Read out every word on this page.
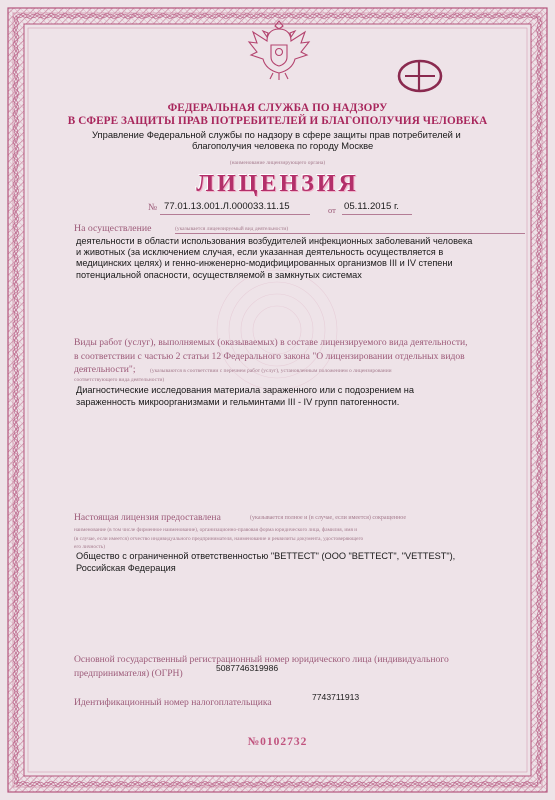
ФЕДЕРАЛЬНАЯ СЛУЖБА ПО НАДЗОРУ
В СФЕРЕ ЗАЩИТЫ ПРАВ ПОТРЕБИТЕЛЕЙ И БЛАГОПОЛУЧИЯ ЧЕЛОВЕКА
Управление Федеральной службы по надзору в сфере защиты прав потребителей и
благополучия человека по городу Москве
(наименование лицензирующего органа)
ЛИЦЕНЗИЯ
№ 77.01.13.001.Л.000033.11.15	от 05.11.2015 г.
На осуществление	(указывается лицензируемый вид деятельности)
деятельности в области использования возбудителей инфекционных заболеваний человека
и животных (за исключением случая, если указанная деятельность осуществляется в
медицинских целях) и генно-инженерно-модифицированных организмов III и IV степени
потенциальной опасности, осуществляемой в замкнутых системах
Виды работ (услуг), выполняемых (оказываемых) в составе лицензируемого вида деятельности,
в соответствии с частью 2 статьи 12 Федерального закона "О лицензировании отдельных видов
деятельности";	(указываются в соответствии с перечнем работ (услуг), установленным положением о лицензировании
соответствующего вида деятельности)
Диагностические исследования материала зараженного или с подозрением на
зараженность микроорганизмами и гельминтами III - IV групп патогенности.
Настоящая лицензия предоставлена	(указывается полное и (в случае, если имеется) сокращенное
наименование (в том числе фирменное наименование), организационно-правовая форма юридического лица, фамилия, имя и
(в случае, если имеется) отчество индивидуального предпринимателя, наименование и реквизиты документа, удостоверяющего
его личность)
Общество с ограниченной ответственностью "ВЕТТЕСТ" (ООО "ВЕТТЕСТ", "VETTEST"),
Российская Федерация
Основной государственный регистрационный номер юридического лица (индивидуального
предпринимателя) (ОГРН)	5087746319986
Идентификационный номер налогоплательщика	7743711913
№0102732
